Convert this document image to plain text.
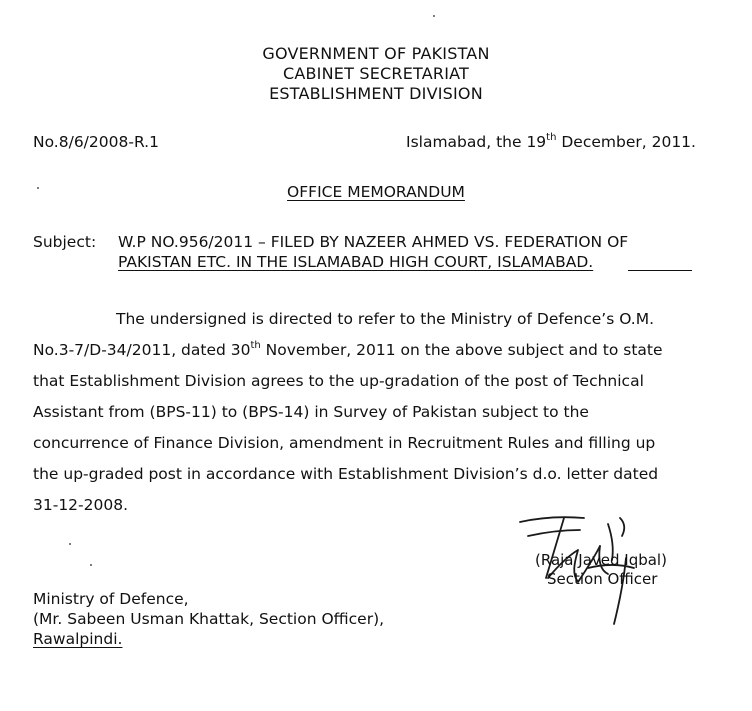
GOVERNMENT OF PAKISTAN
CABINET SECRETARIAT
ESTABLISHMENT DIVISION
No.8/6/2008-R.1	Islamabad, the 19th December, 2011.
OFFICE MEMORANDUM
Subject: W.P NO.956/2011 – FILED BY NAZEER AHMED VS. FEDERATION OF
PAKISTAN ETC. IN THE ISLAMABAD HIGH COURT, ISLAMABAD.
The undersigned is directed to refer to the Ministry of Defence’s O.M.
No.3-7/D-34/2011, dated 30th November, 2011 on the above subject and to state
that Establishment Division agrees to the up-gradation of the post of Technical
Assistant from (BPS-11) to (BPS-14) in Survey of Pakistan subject to the
concurrence of Finance Division, amendment in Recruitment Rules and filling up
the up-graded post in accordance with Establishment Division’s d.o. letter dated
31-12-2008.
(Raja Javed Iqbal)
Section Officer
Ministry of Defence,
(Mr. Sabeen Usman Khattak, Section Officer),
Rawalpindi.
